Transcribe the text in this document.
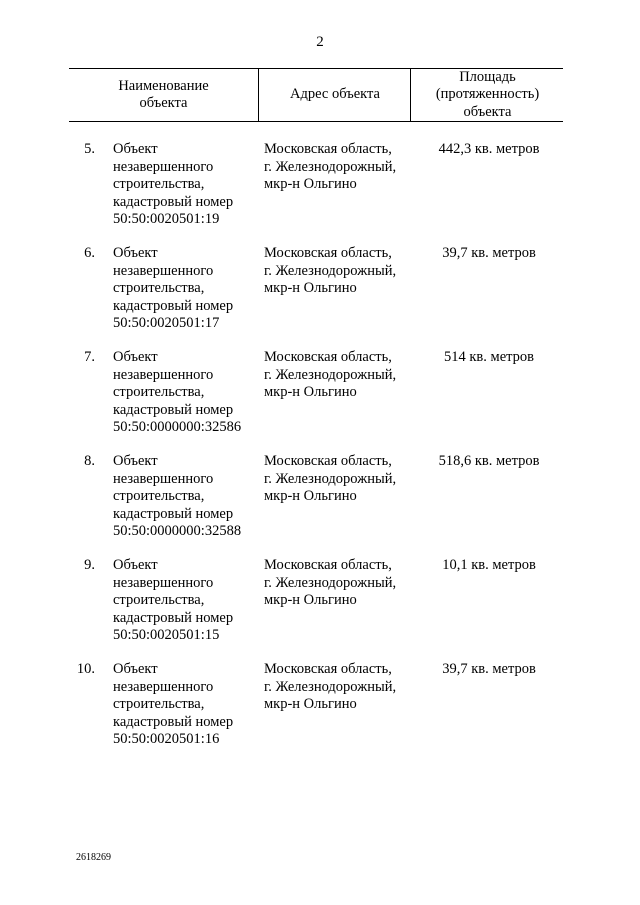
2
Наименование
объекта
Адрес объекта
Площадь
(протяженность)
объекта
5. Объект
незавершенного
строительства,
кадастровый номер
50:50:0020501:19
Московская область,
г. Железнодорожный,
мкр-н Ольгино
442,3 кв. метров
6. Объект
незавершенного
строительства,
кадастровый номер
50:50:0020501:17
Московская область,
г. Железнодорожный,
мкр-н Ольгино
39,7 кв. метров
7. Объект
незавершенного
строительства,
кадастровый номер
50:50:0000000:32586
Московская область,
г. Железнодорожный,
мкр-н Ольгино
514 кв. метров
8. Объект
незавершенного
строительства,
кадастровый номер
50:50:0000000:32588
Московская область,
г. Железнодорожный,
мкр-н Ольгино
518,6 кв. метров
9. Объект
незавершенного
строительства,
кадастровый номер
50:50:0020501:15
Московская область,
г. Железнодорожный,
мкр-н Ольгино
10,1 кв. метров
10. Объект
незавершенного
строительства,
кадастровый номер
50:50:0020501:16
Московская область,
г. Железнодорожный,
мкр-н Ольгино
39,7 кв. метров
2618269
